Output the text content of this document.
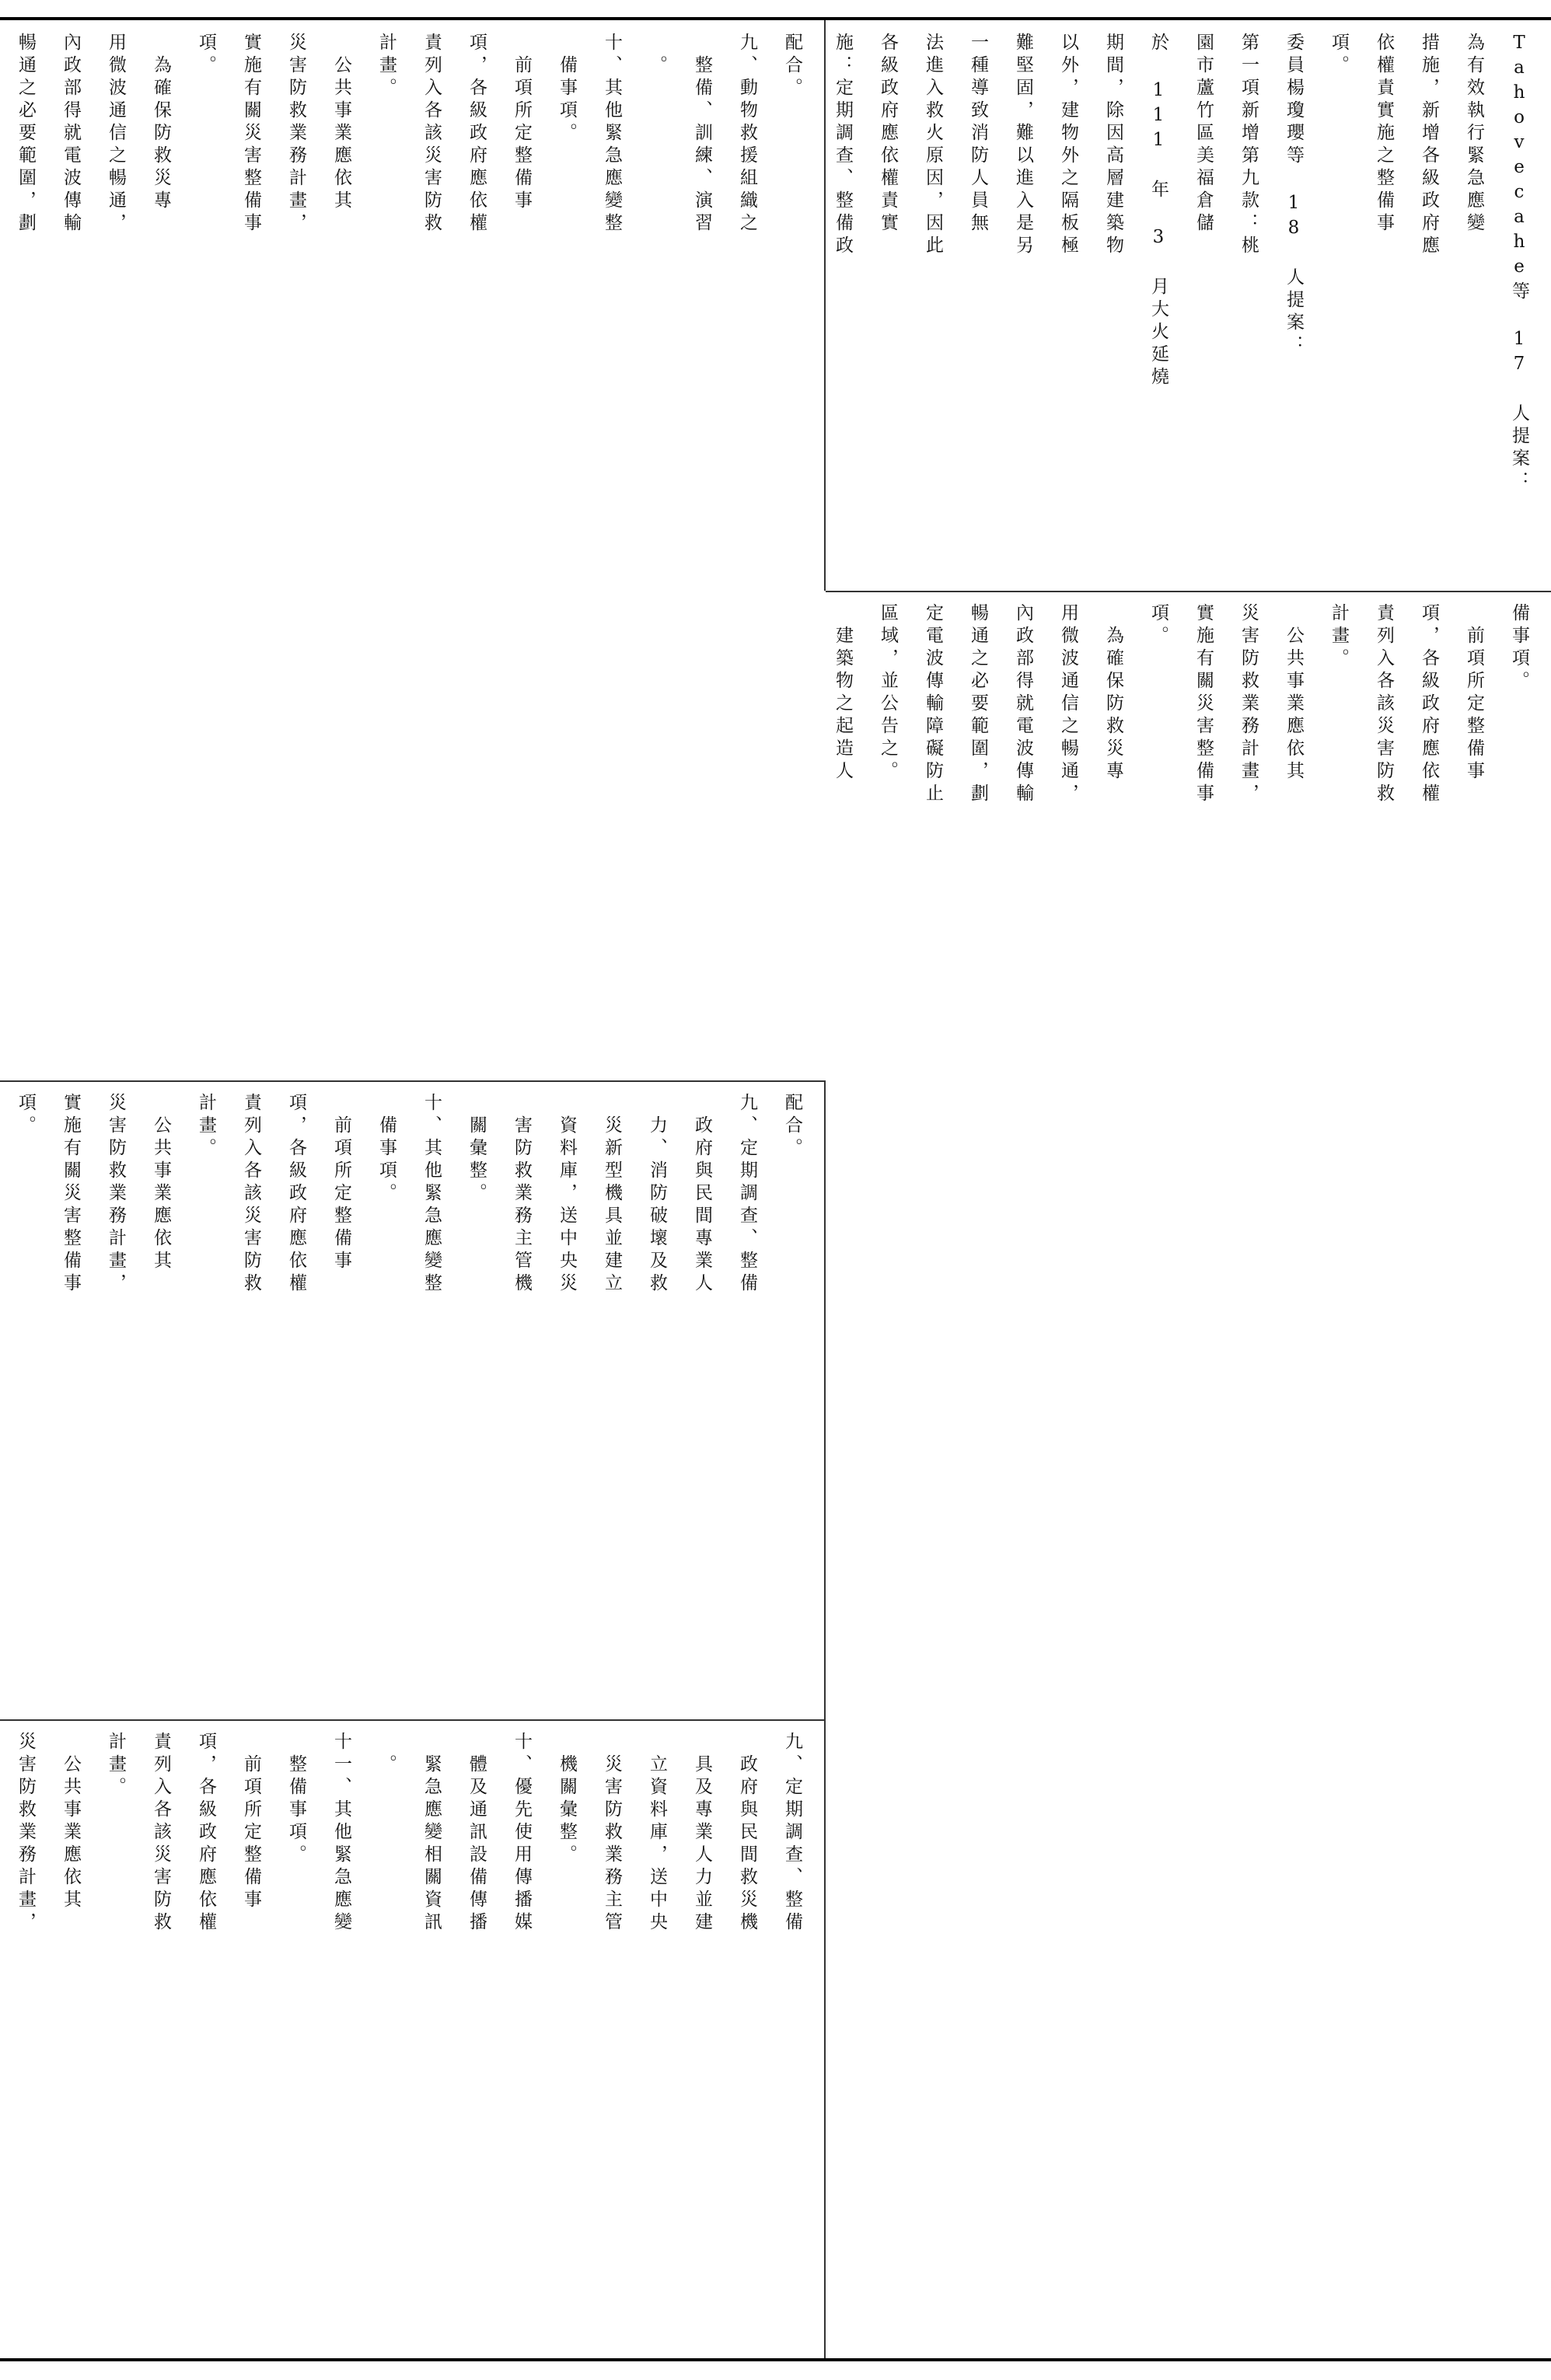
Tahovecahe等 17 人提案：
為有效執行緊急應變
措施，新增各級政府應
依權責實施之整備事
項。
委員楊瓊瓔等 18 人提案：
第一項新增第九款：桃
園市蘆竹區美福倉儲
於 111 年 3 月大火延燒
期間，除因高層建築物
以外，建物外之隔板極
難堅固，難以進入是另
一種導致消防人員無
法進入救火原因，因此
各級政府應依權責實
施：定期調查、整備政

備事項。
　前項所定整備事
項，各級政府應依權
責列入各該災害防救
計畫。
　公共事業應依其
災害防救業務計畫，
實施有關災害整備事
項。
　為確保防救災專
用微波通信之暢通，
內政部得就電波傳輸
暢通之必要範圍，劃
定電波傳輸障礙防止
區域，並公告之。
　建築物之起造人

配合。
九、動物救援組織之
　整備、訓練、演習
　。
十、其他緊急應變整
　備事項。
　前項所定整備事
項，各級政府應依權
責列入各該災害防救
計畫。
　公共事業應依其
災害防救業務計畫，
實施有關災害整備事
項。
　為確保防救災專
用微波通信之暢通，
內政部得就電波傳輸
暢通之必要範圍，劃

配合。
九、定期調查、整備
　政府與民間專業人
　力、消防破壞及救
　災新型機具並建立
　資料庫，送中央災
　害防救業務主管機
　關彙整。
十、其他緊急應變整
　備事項。
　前項所定整備事
項，各級政府應依權
責列入各該災害防救
計畫。
　公共事業應依其
災害防救業務計畫，
實施有關災害整備事
項。

九、定期調查、整備
　政府與民間救災機
　具及專業人力並建
　立資料庫，送中央
　災害防救業務主管
　機關彙整。
十、優先使用傳播媒
　體及通訊設備傳播
　緊急應變相關資訊
　。
十一、其他緊急應變
　整備事項。
　前項所定整備事
項，各級政府應依權
責列入各該災害防救
計畫。
　公共事業應依其
災害防救業務計畫，
